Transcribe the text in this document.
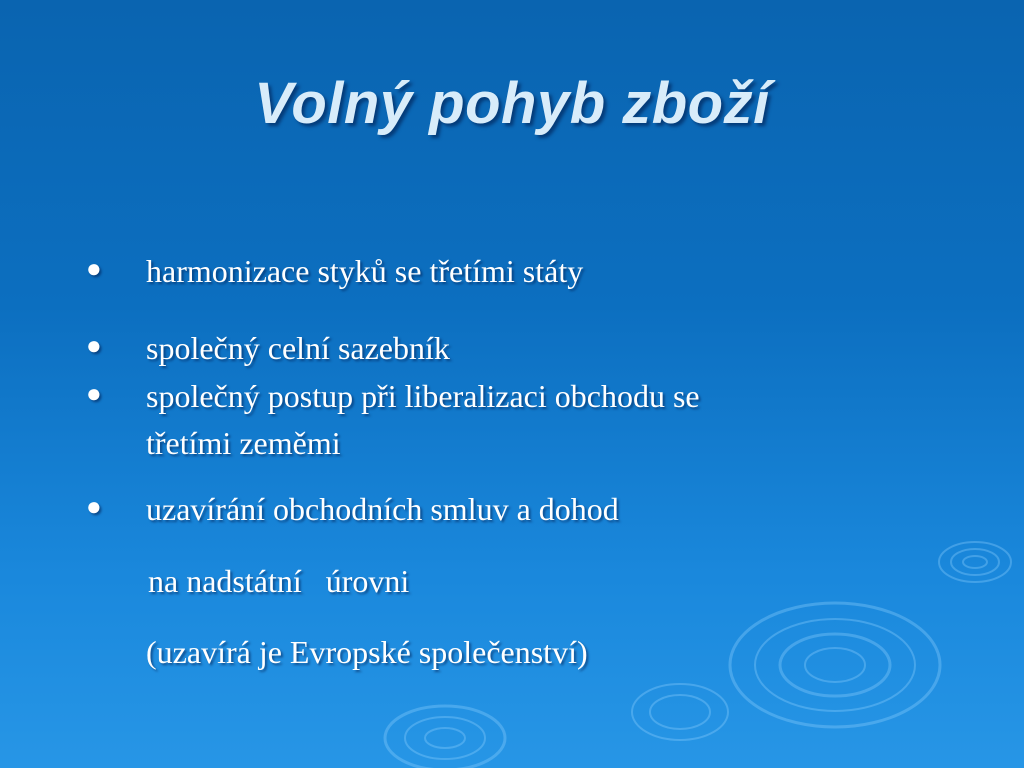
Volný pohyb zboží
● harmonizace styků se třetími státy
● společný celní sazebník
● společný postup při liberalizaci obchodu se
třetími zeměmi
● uzavírání obchodních smluv a dohod
na nadstátní   úrovni
(uzavírá je Evropské společenství)
